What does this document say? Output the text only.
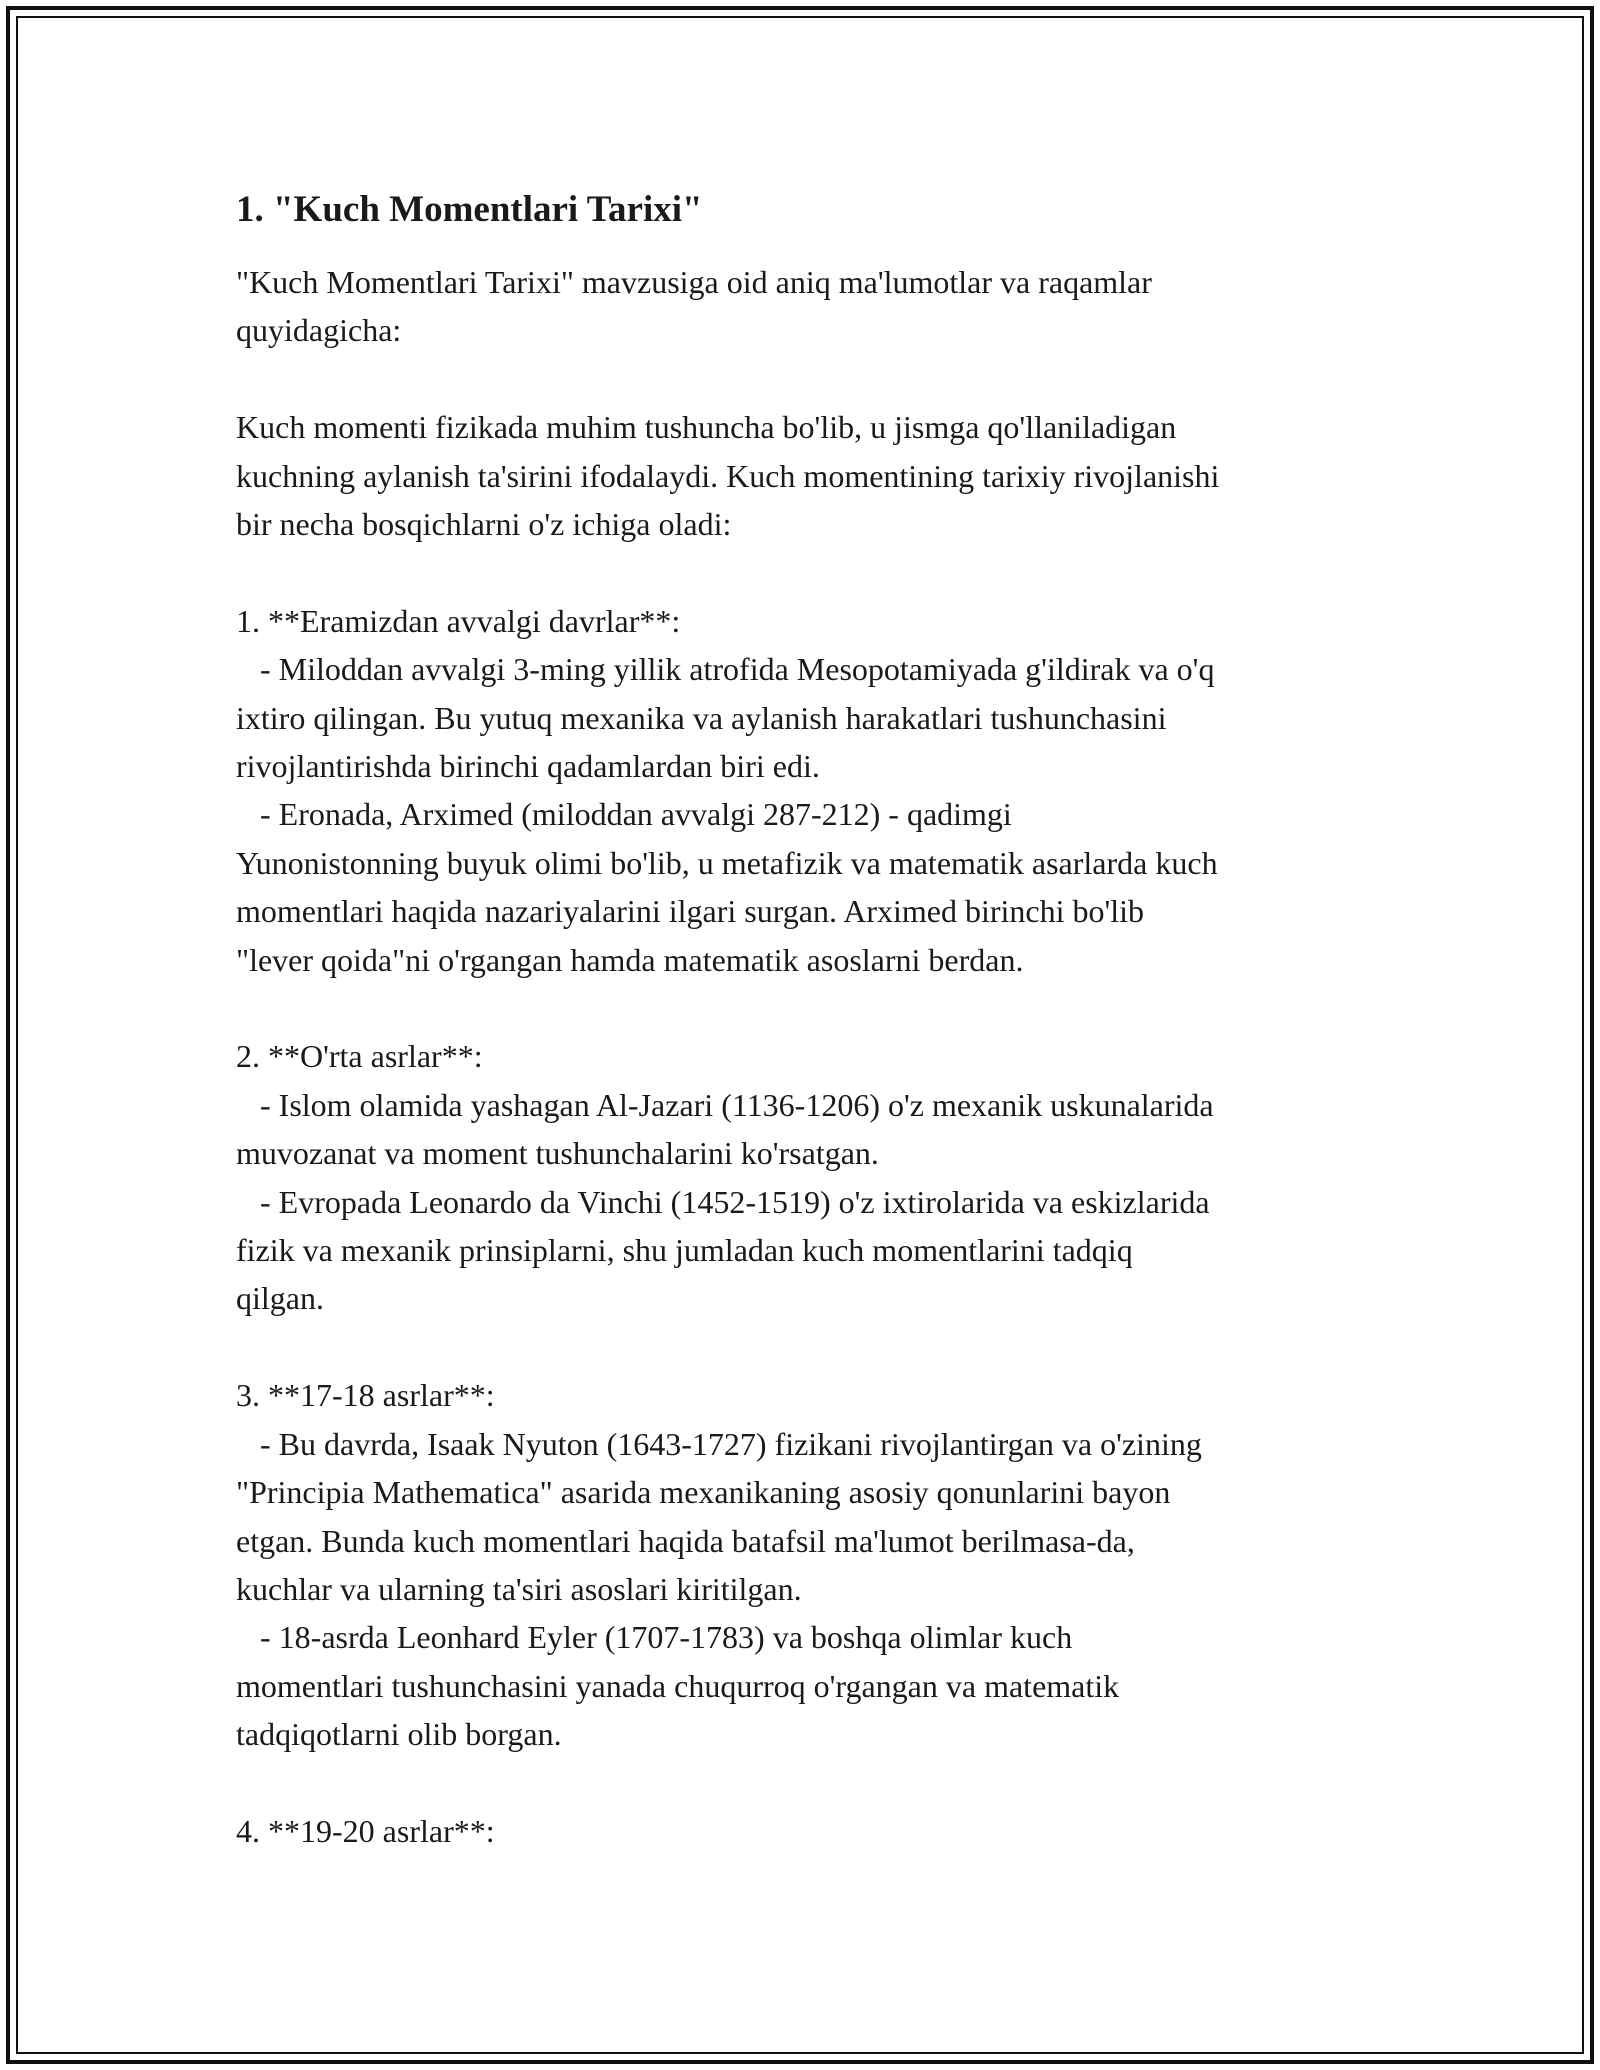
1. "Kuch Momentlari Tarixi"

"Kuch Momentlari Tarixi" mavzusiga oid aniq ma'lumotlar va raqamlar
quyidagicha:

Kuch momenti fizikada muhim tushuncha bo'lib, u jismga qo'llaniladigan
kuchning aylanish ta'sirini ifodalaydi. Kuch momentining tarixiy rivojlanishi
bir necha bosqichlarni o'z ichiga oladi:

1. **Eramizdan avvalgi davrlar**:

- Miloddan avvalgi 3-ming yillik atrofida Mesopotamiyada g'ildirak va o'q
ixtiro qilingan. Bu yutuq mexanika va aylanish harakatlari tushunchasini
rivojlantirishda birinchi qadamlardan biri edi.

- Eronada, Arximed (miloddan avvalgi 287-212) - qadimgi
Yunonistonning buyuk olimi bo'lib, u metafizik va matematik asarlarda kuch
momentlari haqida nazariyalarini ilgari surgan. Arximed birinchi bo'lib
"lever qoida"ni o'rgangan hamda matematik asoslarni berdan.

2. **O'rta asrlar**:

- Islom olamida yashagan Al-Jazari (1136-1206) o'z mexanik uskunalarida
muvozanat va moment tushunchalarini ko'rsatgan.

- Evropada Leonardo da Vinchi (1452-1519) o'z ixtirolarida va eskizlarida
fizik va mexanik prinsiplarni, shu jumladan kuch momentlarini tadqiq
qilgan.

3. **17-18 asrlar**:

- Bu davrda, Isaak Nyuton (1643-1727) fizikani rivojlantirgan va o'zining
"Principia Mathematica" asarida mexanikaning asosiy qonunlarini bayon
etgan. Bunda kuch momentlari haqida batafsil ma'lumot berilmasa-da,
kuchlar va ularning ta'siri asoslari kiritilgan.

- 18-asrda Leonhard Eyler (1707-1783) va boshqa olimlar kuch
momentlari tushunchasini yanada chuqurroq o'rgangan va matematik
tadqiqotlarni olib borgan.

4. **19-20 asrlar**:
